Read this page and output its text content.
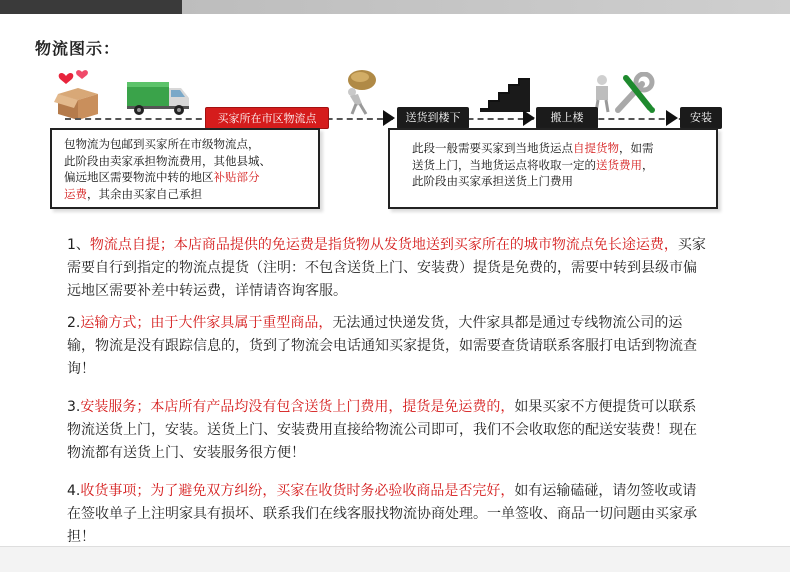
物流图示：
买家所在市区物流点	送货到楼下	搬上楼	安装
包物流为包邮到买家所在市级物流点，
此阶段由卖家承担物流费用，其他县城、
偏远地区需要物流中转的地区补贴部分
运费，其余由买家自己承担
此段一般需要买家到当地货运点自提货物，如需
送货上门，当地货运点将收取一定的送货费用，
此阶段由买家承担送货上门费用
1、物流点自提；本店商品提供的免运费是指货物从发货地送到买家所在的城市物流点免长途运费，买家需要自行到指定的物流点提货（注明：不包含送货上门、安装费）提货是免费的，需要中转到县级市偏远地区需要补差中转运费，详情请咨询客服。
2.运输方式；由于大件家具属于重型商品，无法通过快递发货，大件家具都是通过专线物流公司的运输，物流是没有跟踪信息的，货到了物流会电话通知买家提货，如需要查货请联系客服打电话到物流查询！
3.安装服务；本店所有产品均没有包含送货上门费用，提货是免运费的，如果买家不方便提货可以联系物流送货上门，安装。送货上门、安装费用直接给物流公司即可，我们不会收取您的配送安装费！现在物流都有送货上门、安装服务很方便！
4.收货事项；为了避免双方纠纷，买家在收货时务必验收商品是否完好，如有运输磕碰，请勿签收或请在签收单子上注明家具有损坏、联系我们在线客服找物流协商处理。一单签收、商品一切问题由买家承担！
